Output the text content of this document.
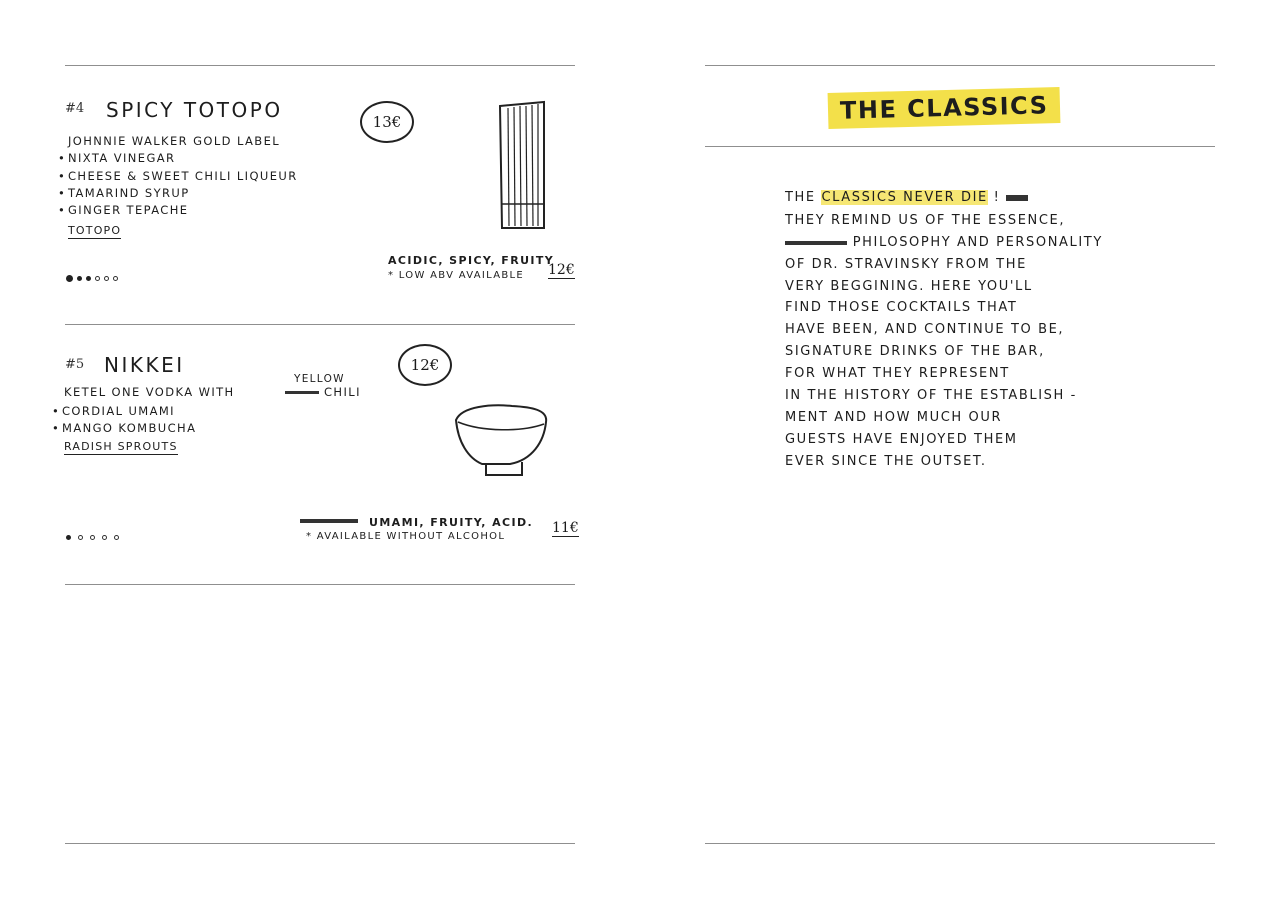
#4 SPICY TOTOPO	13€
JOHNNIE WALKER GOLD LABEL
• NIXTA VINEGAR
• CHEESE & SWEET CHILI LIQUEUR
• TAMARIND SYRUP
• GINGER TEPACHE
TOTOPO
ACIDIC, SPICY, FRUITY
* LOW ABV AVAILABLE 12€
#5 NIKKEI	12€
YELLOW
KETEL ONE VODKA WITH	CHILI
• CORDIAL UMAMI
• MANGO KOMBUCHA
RADISH SPROUTS
UMAMI, FRUITY, ACID.
* AVAILABLE WITHOUT ALCOHOL
11€
THE CLASSICS
THE CLASSICS NEVER DIE !
THEY REMIND US OF THE ESSENCE,
PHILOSOPHY AND PERSONALITY
OF DR. STRAVINSKY FROM THE
VERY BEGGINING. HERE YOU'LL
FIND THOSE COCKTAILS THAT
HAVE BEEN, AND CONTINUE TO BE,
SIGNATURE DRINKS OF THE BAR,
FOR WHAT THEY REPRESENT
IN THE HISTORY OF THE ESTABLISH -
MENT AND HOW MUCH OUR
GUESTS HAVE ENJOYED THEM
EVER SINCE THE OUTSET.
